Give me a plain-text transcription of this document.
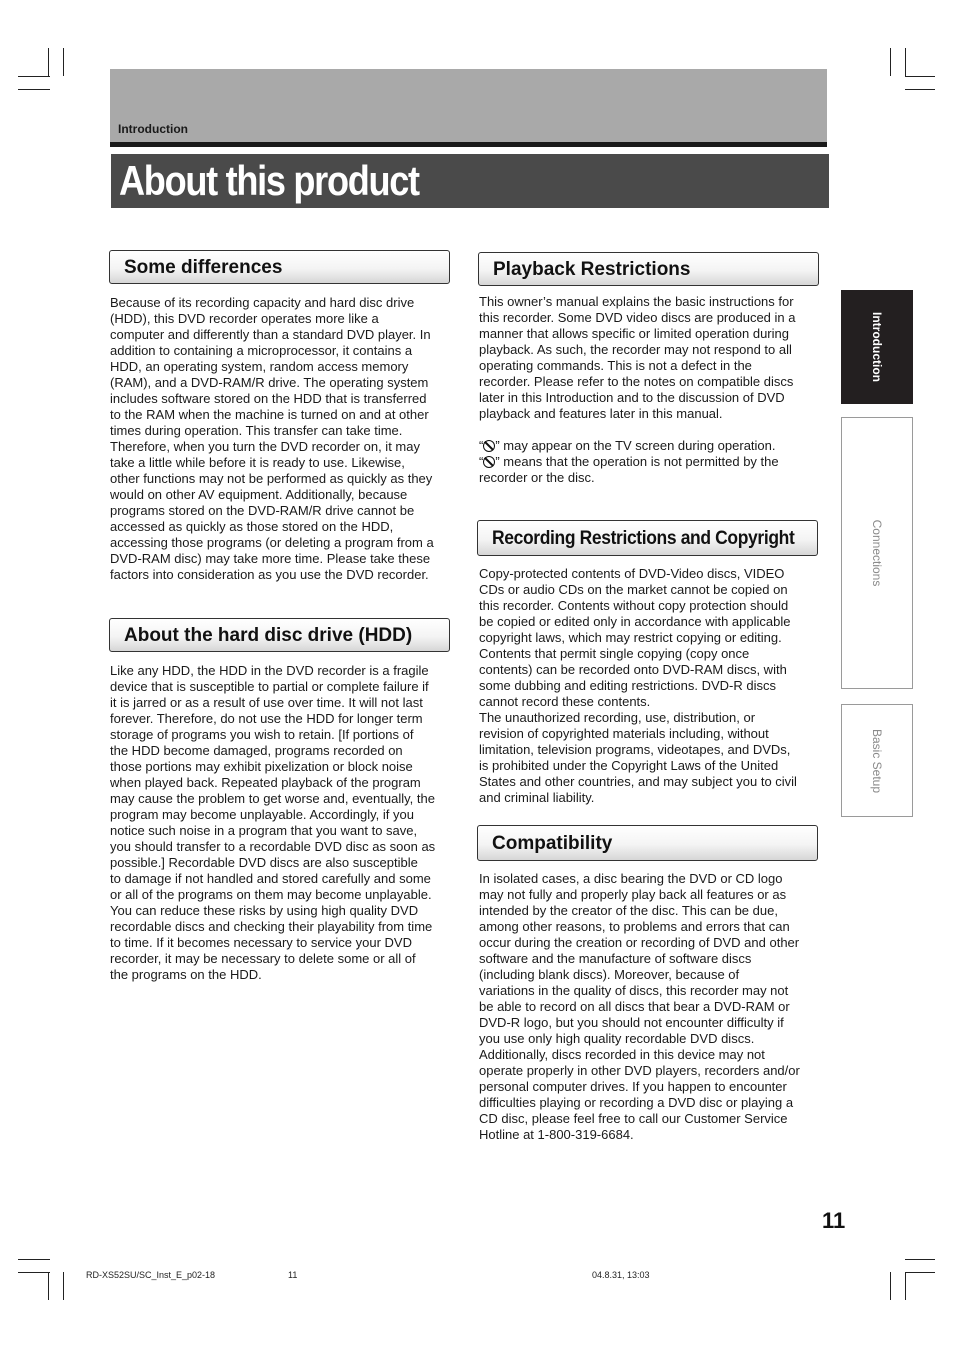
Introduction
About this product
Some differences

Because of its recording capacity and hard disc drive

(HDD), this DVD recorder operates more like a

computer and differently than a standard DVD player. In

addition to containing a microprocessor, it contains a

HDD, an operating system, random access memory

(RAM), and a DVD-RAM/R drive. The operating system

includes software stored on the HDD that is transferred

to the RAM when the machine is turned on and at other

times during operation. This transfer can take time.

Therefore, when you turn the DVD recorder on, it may

take a little while before it is ready to use. Likewise,

other functions may not be performed as quickly as they

would on other AV equipment. Additionally, because

programs stored on the DVD-RAM/R drive cannot be

accessed as quickly as those stored on the HDD,

accessing those programs (or deleting a program from a

DVD-RAM disc) may take more time. Please take these

factors into consideration as you use the DVD recorder.

About the hard disc drive (HDD)

Like any HDD, the HDD in the DVD recorder is a fragile

device that is susceptible to partial or complete failure if

it is jarred or as a result of use over time. It will not last

forever. Therefore, do not use the HDD for longer term

storage of programs you wish to retain. [If portions of

the HDD become damaged, programs recorded on

those portions may exhibit pixelization or block noise

when played back. Repeated playback of the program

may cause the problem to get worse and, eventually, the

program may become unplayable. Accordingly, if you

notice such noise in a program that you want to save,

you should transfer to a recordable DVD disc as soon as

possible.] Recordable DVD discs are also susceptible

to damage if not handled and stored carefully and some

or all of the programs on them may become unplayable.

You can reduce these risks by using high quality DVD

recordable discs and checking their playability from time

to time. If it becomes necessary to service your DVD

recorder, it may be necessary to delete some or all of

the programs on the HDD.

Playback Restrictions

This owner’s manual explains the basic instructions for

this recorder. Some DVD video discs are produced in a

manner that allows specific or limited operation during

playback. As such, the recorder may not respond to all

operating commands. This is not a defect in the

recorder. Please refer to the notes on compatible discs

later in this Introduction and to the discussion of DVD

playback and features later in this manual.

“ ” may appear on the TV screen during operation.

“ ” means that the operation is not permitted by the

recorder or the disc.

Recording Restrictions and Copyright

Copy-protected contents of DVD-Video discs, VIDEO

CDs or audio CDs on the market cannot be copied on

this recorder. Contents without copy protection should

be copied or edited only in accordance with applicable

copyright laws, which may restrict copying or editing.

Contents that permit single copying (copy once

contents) can be recorded onto DVD-RAM discs, with

some dubbing and editing restrictions. DVD-R discs

cannot record these contents.

The unauthorized recording, use, distribution, or

revision of copyrighted materials including, without

limitation, television programs, videotapes, and DVDs,

is prohibited under the Copyright Laws of the United

States and other countries, and may subject you to civil

and criminal liability.

Compatibility

In isolated cases, a disc bearing the DVD or CD logo

may not fully and properly play back all features or as

intended by the creator of the disc. This can be due,

among other reasons, to problems and errors that can

occur during the creation or recording of DVD and other

software and the manufacture of software discs

(including blank discs). Moreover, because of

variations in the quality of discs, this recorder may not

be able to record on all discs that bear a DVD-RAM or

DVD-R logo, but you should not encounter difficulty if

you use only high quality recordable DVD discs.

Additionally, discs recorded in this device may not

operate properly in other DVD players, recorders and/or

personal computer drives. If you happen to encounter

difficulties playing or recording a DVD disc or playing a

CD disc, please feel free to call our Customer Service

Hotline at 1-800-319-6684.

Introduction
Connections
Basic Setup
11
RD-XS52SU/SC_Inst_E_p02-18	11	04.8.31, 13:03
